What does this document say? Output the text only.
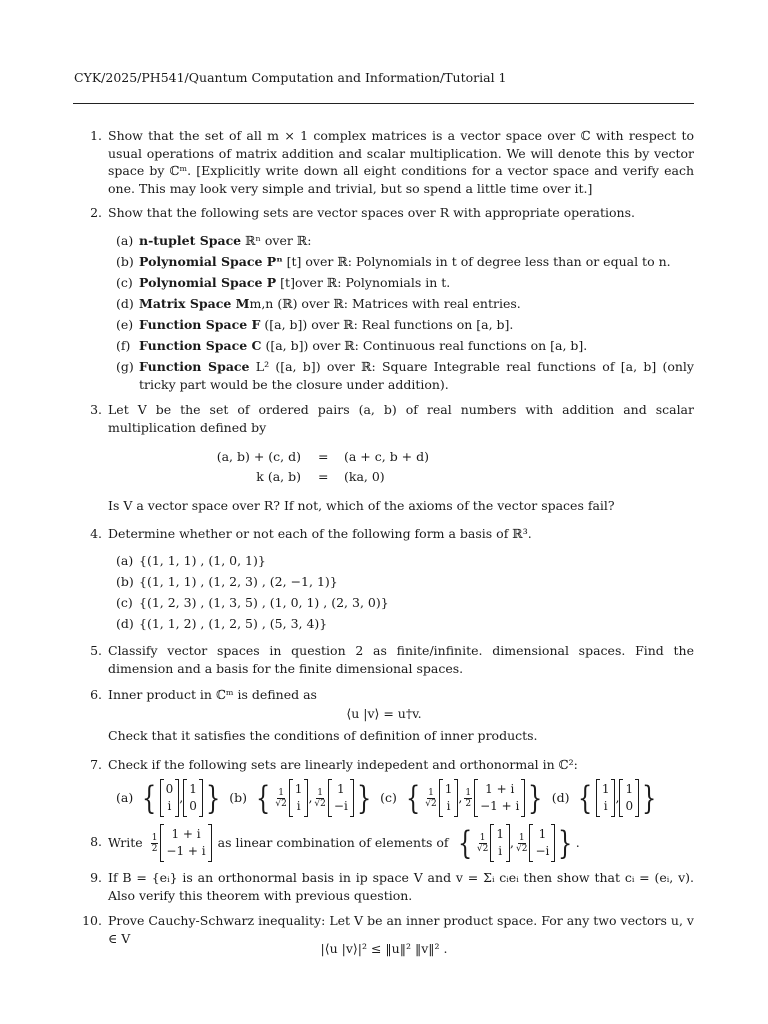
CYK/2025/PH541/Quantum Computation and Information/Tutorial 1
1. Show that the set of all m × 1 complex matrices is a vector space over ℂ with respect to usual operations of matrix addition and scalar multiplication. We will denote this by vector space by ℂᵐ. [Explicitly write down all eight conditions for a vector space and verify each one. This may look very simple and trivial, but so spend a little time over it.]

2. Show that the following sets are vector spaces over R with appropriate operations.

(a) n-tuplet Space ℝⁿ over ℝ:
(b) Polynomial Space Pⁿ [t] over ℝ: Polynomials in t of degree less than or equal to n.
(c) Polynomial Space P [t]over ℝ: Polynomials in t.
(d) Matrix Space Mm,n (ℝ) over ℝ: Matrices with real entries.
(e) Function Space F ([a, b]) over ℝ: Real functions on [a, b].
(f) Function Space C ([a, b]) over ℝ: Continuous real functions on [a, b].
(g) Function Space L² ([a, b]) over ℝ: Square Integrable real functions of [a, b] (only tricky part would be the closure under addition).
3. Let V be the set of ordered pairs (a, b) of real numbers with addition and scalar multiplication defined by

(a, b) + (c, d) = (a + c, b + d)
k (a, b) = (ka, 0)

Is V a vector space over R? If not, which of the axioms of the vector spaces fail?

4. Determine whether or not each of the following form a basis of ℝ³.

(a) {(1, 1, 1) , (1, 0, 1)}
(b) {(1, 1, 1) , (1, 2, 3) , (2, −1, 1)}
(c) {(1, 2, 3) , (1, 3, 5) , (1, 0, 1) , (2, 3, 0)}
(d) {(1, 1, 2) , (1, 2, 5) , (5, 3, 4)}
5. Classify vector spaces in question 2 as finite/infinite. dimensional spaces. Find the dimension and a basis for the finite dimensional spaces.

6. Inner product in ℂᵐ is defined as

⟨u |v⟩ = u†v.

Check that it satisfies the conditions of definition of inner products.

7. Check if the following sets are linearly indepedent and orthonormal in ℂ²:

(a) { 0
i
,
1
0 } (b) { $\frac{1}{√2} 1$
i
, $\frac{1}{√2} 1$
−i } (c) { $\frac{1}{√2} 1$
i
, $\frac{1}{2} 1 + i$
−1 + i } (d) { 1
i
,
1
0 }
8. Write $\frac{1}{2} 1 + i$
−1 + i
as linear combination of elements of { $\frac{1}{√2} 1$
i
, $\frac{1}{√2} 1$
−i } .
9. If B = {eᵢ} is an orthonormal basis in ip space V and v = Σᵢ cᵢeᵢ then show that cᵢ = (eᵢ, v). Also verify this theorem with previous question.

10. Prove Cauchy-Schwarz inequality: Let V be an inner product space. For any two vectors u, v ∈ V

|⟨u |v⟩|² ≤ ‖u‖² ‖v‖² .
